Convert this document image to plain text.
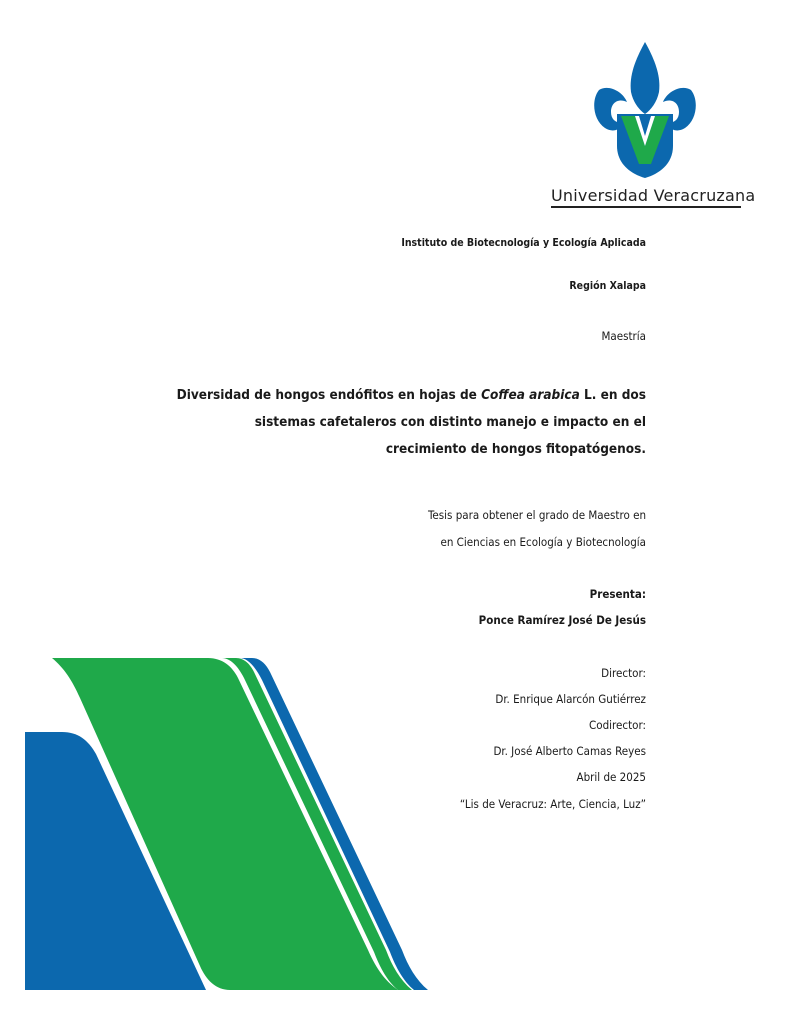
Universidad Veracruzana
Instituto de Biotecnología y Ecología Aplicada
Región Xalapa
Maestría
Diversidad de hongos endófitos en hojas de Coffea arabica L. en dos
sistemas cafetaleros con distinto manejo e impacto en el
crecimiento de hongos fitopatógenos.
Tesis para obtener el grado de Maestro en
en Ciencias en Ecología y Biotecnología
Presenta:
Ponce Ramírez José De Jesús
Director:
Dr. Enrique Alarcón Gutiérrez
Codirector:
Dr. José Alberto Camas Reyes
Abril de 2025
“Lis de Veracruz: Arte, Ciencia, Luz”
